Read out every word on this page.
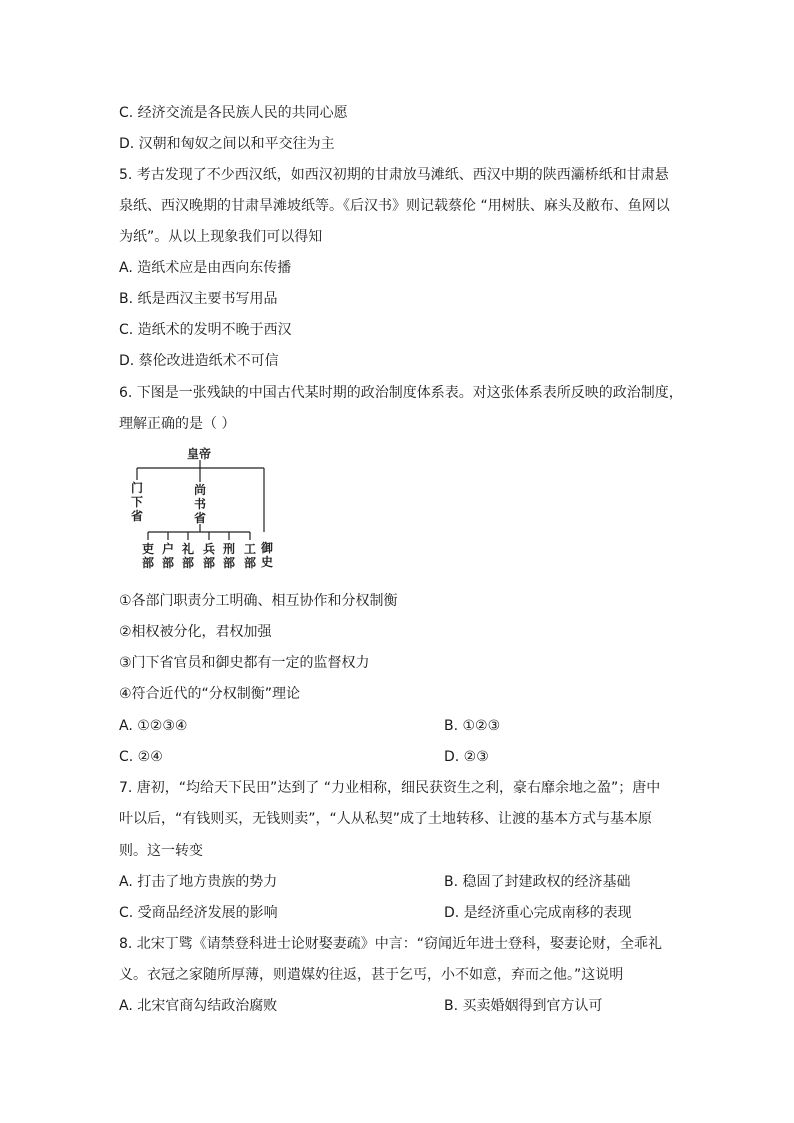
C. 经济交流是各民族人民的共同心愿
D. 汉朝和匈奴之间以和平交往为主
5. 考古发现了不少西汉纸，如西汉初期的甘肃放马滩纸、西汉中期的陕西灞桥纸和甘肃悬
泉纸、西汉晚期的甘肃旱滩坡纸等。《后汉书》则记载蔡伦 “用树肤、麻头及敝布、鱼网以
为纸”。从以上现象我们可以得知
A. 造纸术应是由西向东传播
B. 纸是西汉主要书写用品
C. 造纸术的发明不晚于西汉
D. 蔡伦改进造纸术不可信
6. 下图是一张残缺的中国古代某时期的政治制度体系表。对这张体系表所反映的政治制度，
理解正确的是（ ）
皇帝
门
下
省
尚
书
省
御
史
吏
部
户
部
礼
部
兵
部
刑
部
工
部
①各部门职责分工明确、相互协作和分权制衡
②相权被分化，君权加强
③门下省官员和御史都有一定的监督权力
④符合近代的“分权制衡”理论
A. ①②③④	B. ①②③
C. ②④	D. ②③
7. 唐初，“均给天下民田”达到了 “力业相称，细民获资生之利，豪右靡余地之盈”；唐中
叶以后，“有钱则买，无钱则卖”，“人从私契”成了土地转移、让渡的基本方式与基本原
则。这一转变
A. 打击了地方贵族的势力	B. 稳固了封建政权的经济基础
C. 受商品经济发展的影响	D. 是经济重心完成南移的表现
8. 北宋丁骘《请禁登科进士论财娶妻疏》中言：“窃闻近年进士登科，娶妻论财，全乖礼
义。衣冠之家随所厚薄，则遣媒妁往返，甚于乞丐，小不如意，弃而之他。”这说明
A. 北宋官商勾结政治腐败	B. 买卖婚姻得到官方认可
